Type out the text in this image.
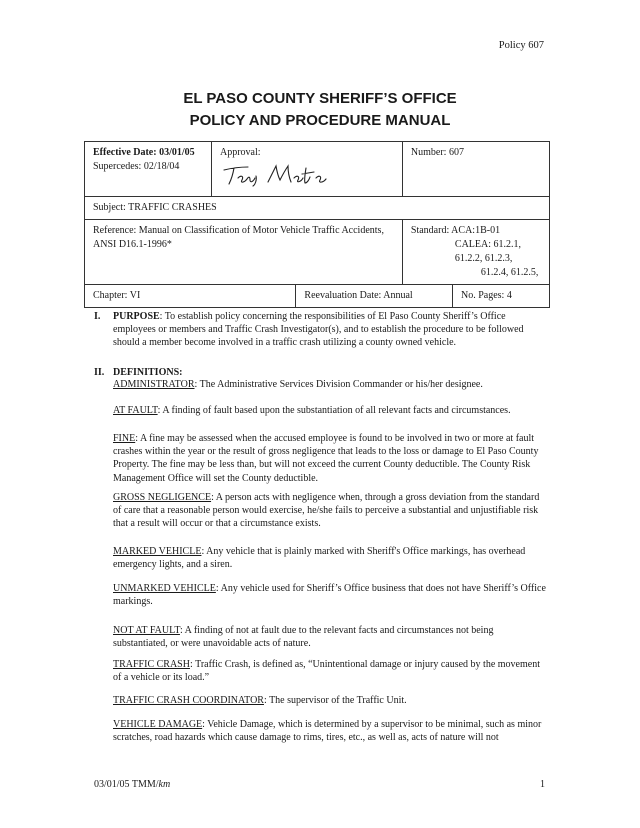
Policy 607
EL PASO COUNTY SHERIFF’S OFFICE
POLICY AND PROCEDURE MANUAL
Effective Date: 03/01/05
Supercedes: 02/18/04	Approval:		Number: 607	

Subject: TRAFFIC CRASHES				

Reference: Manual on Classification of Motor Vehicle Traffic Accidents, ANSI D16.1-1996*			Standard: ACA:1B-01
CALEA: 61.2.1, 61.2.2, 61.2.3,
61.2.4, 61.2.5,	

Chapter: VI		Reevaluation Date: Annual		No. Pages: 4
I. PURPOSE: To establish policy concerning the responsibilities of El Paso County Sheriff’s Office employees or members and Traffic Crash Investigator(s), and to establish the procedure to be followed should a member become involved in a traffic crash utilizing a county owned vehicle.
II. DEFINITIONS:
ADMINISTRATOR: The Administrative Services Division Commander or his/her designee.
AT FAULT: A finding of fault based upon the substantiation of all relevant facts and circumstances.
FINE: A fine may be assessed when the accused employee is found to be involved in two or more at fault crashes within the year or the result of gross negligence that leads to the loss or damage to El Paso County Property. The fine may be less than, but will not exceed the current County deductible. The County Risk Management Office will set the County deductible.
GROSS NEGLIGENCE: A person acts with negligence when, through a gross deviation from the standard of care that a reasonable person would exercise, he/she fails to perceive a substantial and unjustifiable risk that a result will occur or that a circumstance exists.
MARKED VEHICLE: Any vehicle that is plainly marked with Sheriff's Office markings, has overhead emergency lights, and a siren.
UNMARKED VEHICLE: Any vehicle used for Sheriff’s Office business that does not have Sheriff’s Office markings.
NOT AT FAULT: A finding of not at fault due to the relevant facts and circumstances not being substantiated, or were unavoidable acts of nature.
TRAFFIC CRASH: Traffic Crash, is defined as, “Unintentional damage or injury caused by the movement of a vehicle or its load.”
TRAFFIC CRASH COORDINATOR: The supervisor of the Traffic Unit.
VEHICLE DAMAGE: Vehicle Damage, which is determined by a supervisor to be minimal, such as minor scratches, road hazards which cause damage to rims, tires, etc., as well as, acts of nature will not
03/01/05 TMM/km	1
